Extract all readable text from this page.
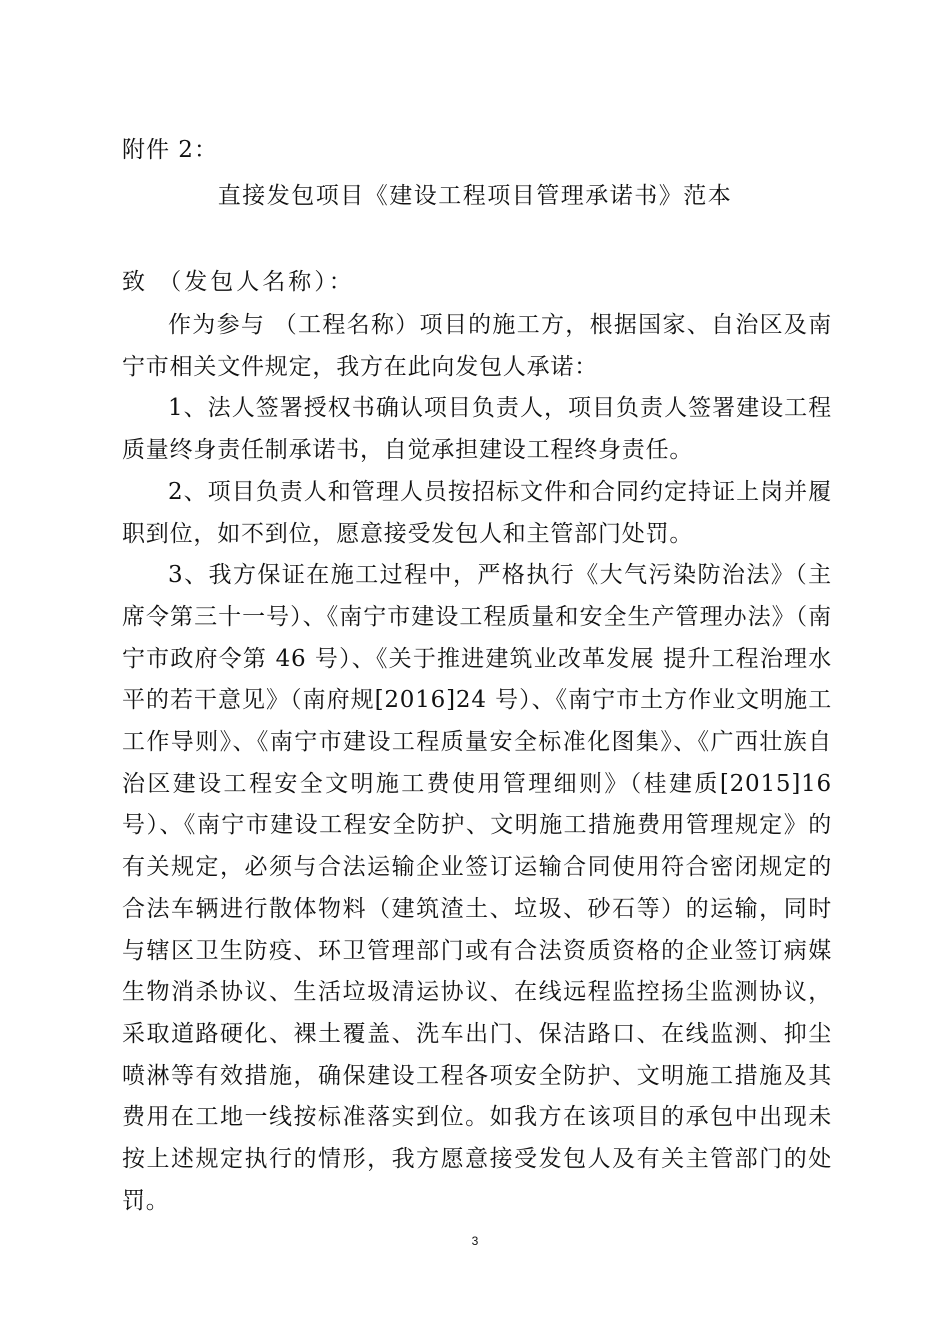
附件 2：
直接发包项目《建设工程项目管理承诺书》范本
致 （发包人名称）：

作为参与 （工程名称）项目的施工方，根据国家、自治区及南宁市相关文件规定，我方在此向发包人承诺：

1、法人签署授权书确认项目负责人，项目负责人签署建设工程质量终身责任制承诺书，自觉承担建设工程终身责任。

2、项目负责人和管理人员按招标文件和合同约定持证上岗并履职到位，如不到位，愿意接受发包人和主管部门处罚。

3、我方保证在施工过程中，严格执行《大气污染防治法》（主席令第三十一号）、《南宁市建设工程质量和安全生产管理办法》（南宁市政府令第 46 号）、《关于推进建筑业改革发展 提升工程治理水平的若干意见》（南府规[2016]24 号）、《南宁市土方作业文明施工工作导则》、《南宁市建设工程质量安全标准化图集》、《广西壮族自治区建设工程安全文明施工费使用管理细则》（桂建质[2015]16 号）、《南宁市建设工程安全防护、文明施工措施费用管理规定》的有关规定，必须与合法运输企业签订运输合同使用符合密闭规定的合法车辆进行散体物料（建筑渣土、垃圾、砂石等）的运输，同时与辖区卫生防疫、环卫管理部门或有合法资质资格的企业签订病媒生物消杀协议、生活垃圾清运协议、在线远程监控扬尘监测协议，采取道路硬化、裸土覆盖、洗车出门、保洁路口、在线监测、抑尘喷淋等有效措施，确保建设工程各项安全防护、文明施工措施及其费用在工地一线按标准落实到位。如我方在该项目的承包中出现未按上述规定执行的情形，我方愿意接受发包人及有关主管部门的处罚。

3
